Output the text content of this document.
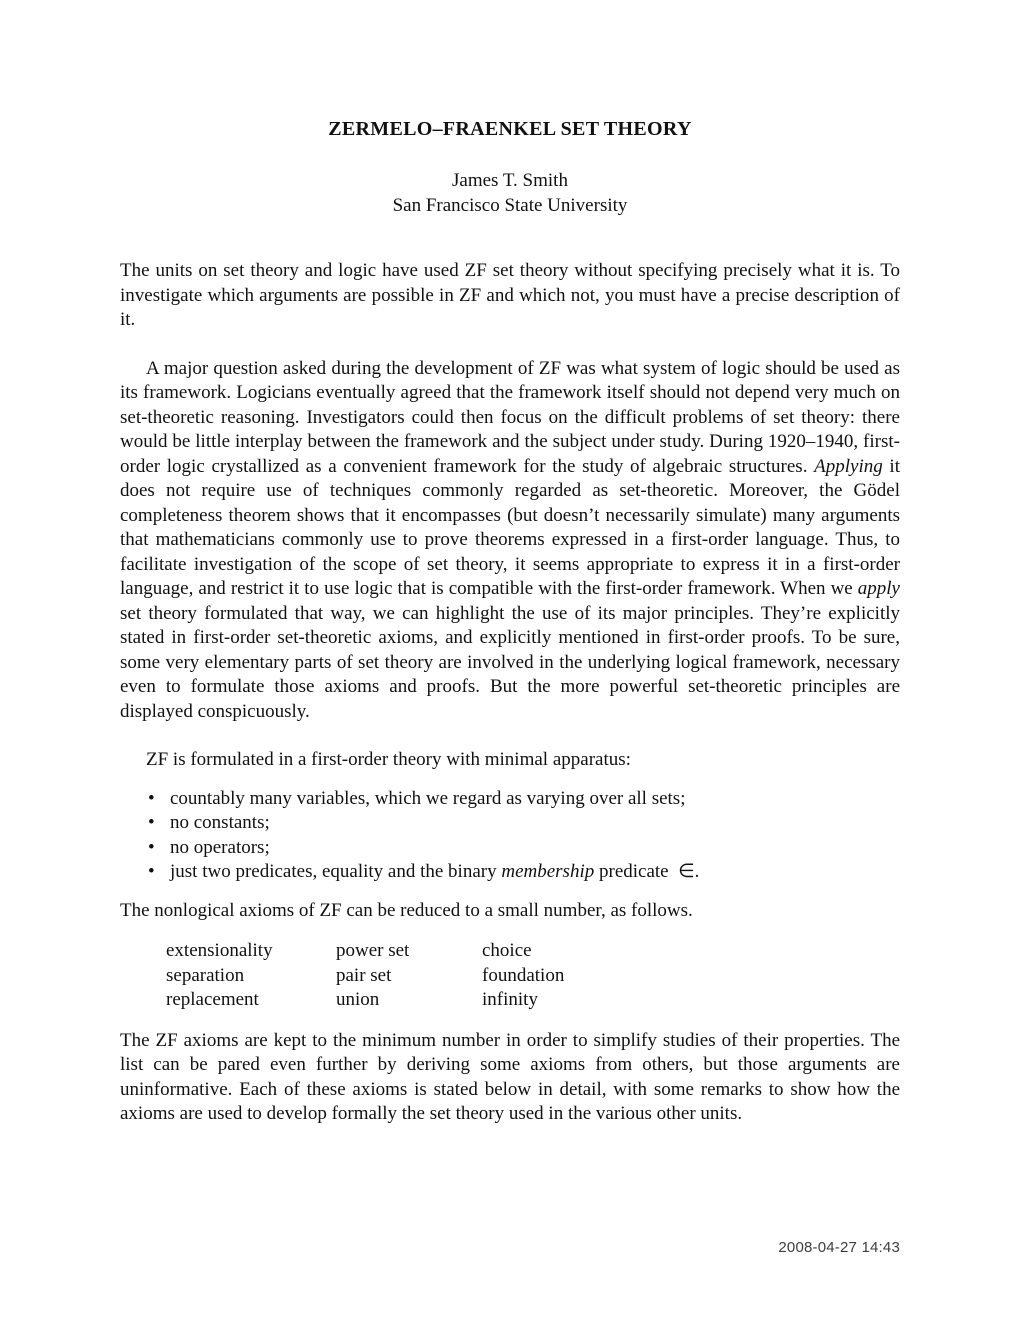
ZERMELO–FRAENKEL SET THEORY
James T. Smith
San Francisco State University

The units on set theory and logic have used ZF set theory without specifying precisely what it is. To investigate which arguments are possible in ZF and which not, you must have a precise description of it.

A major question asked during the development of ZF was what system of logic should be used as its framework. Logicians eventually agreed that the framework itself should not depend very much on set-theoretic reasoning. Investigators could then focus on the difficult problems of set theory: there would be little interplay between the framework and the subject under study. During 1920–1940, first-order logic crystallized as a convenient framework for the study of algebraic structures. Applying it does not require use of techniques commonly regarded as set-theoretic. Moreover, the Gödel completeness theorem shows that it encompasses (but doesn’t necessarily simulate) many arguments that mathematicians commonly use to prove theorems expressed in a first-order language. Thus, to facilitate investigation of the scope of set theory, it seems appropriate to express it in a first-order language, and restrict it to use logic that is compatible with the first-order framework. When we apply set theory formulated that way, we can highlight the use of its major principles. They’re explicitly stated in first-order set-theoretic axioms, and explicitly mentioned in first-order proofs. To be sure, some very elementary parts of set theory are involved in the underlying logical framework, necessary even to formulate those axioms and proofs. But the more powerful set-theoretic principles are displayed conspicuously.

ZF is formulated in a first-order theory with minimal apparatus:

• countably many variables, which we regard as varying over all sets;
• no constants;
• no operators;
• just two predicates, equality and the binary membership predicate  ∈.

The nonlogical axioms of ZF can be reduced to a small number, as follows.

extensionality	power set	choice
separation	pair set	foundation
replacement	union	infinity

The ZF axioms are kept to the minimum number in order to simplify studies of their properties. The list can be pared even further by deriving some axioms from others, but those arguments are uninformative. Each of these axioms is stated below in detail, with some remarks to show how the axioms are used to develop formally the set theory used in the various other units.

2008-04-27 14:43
